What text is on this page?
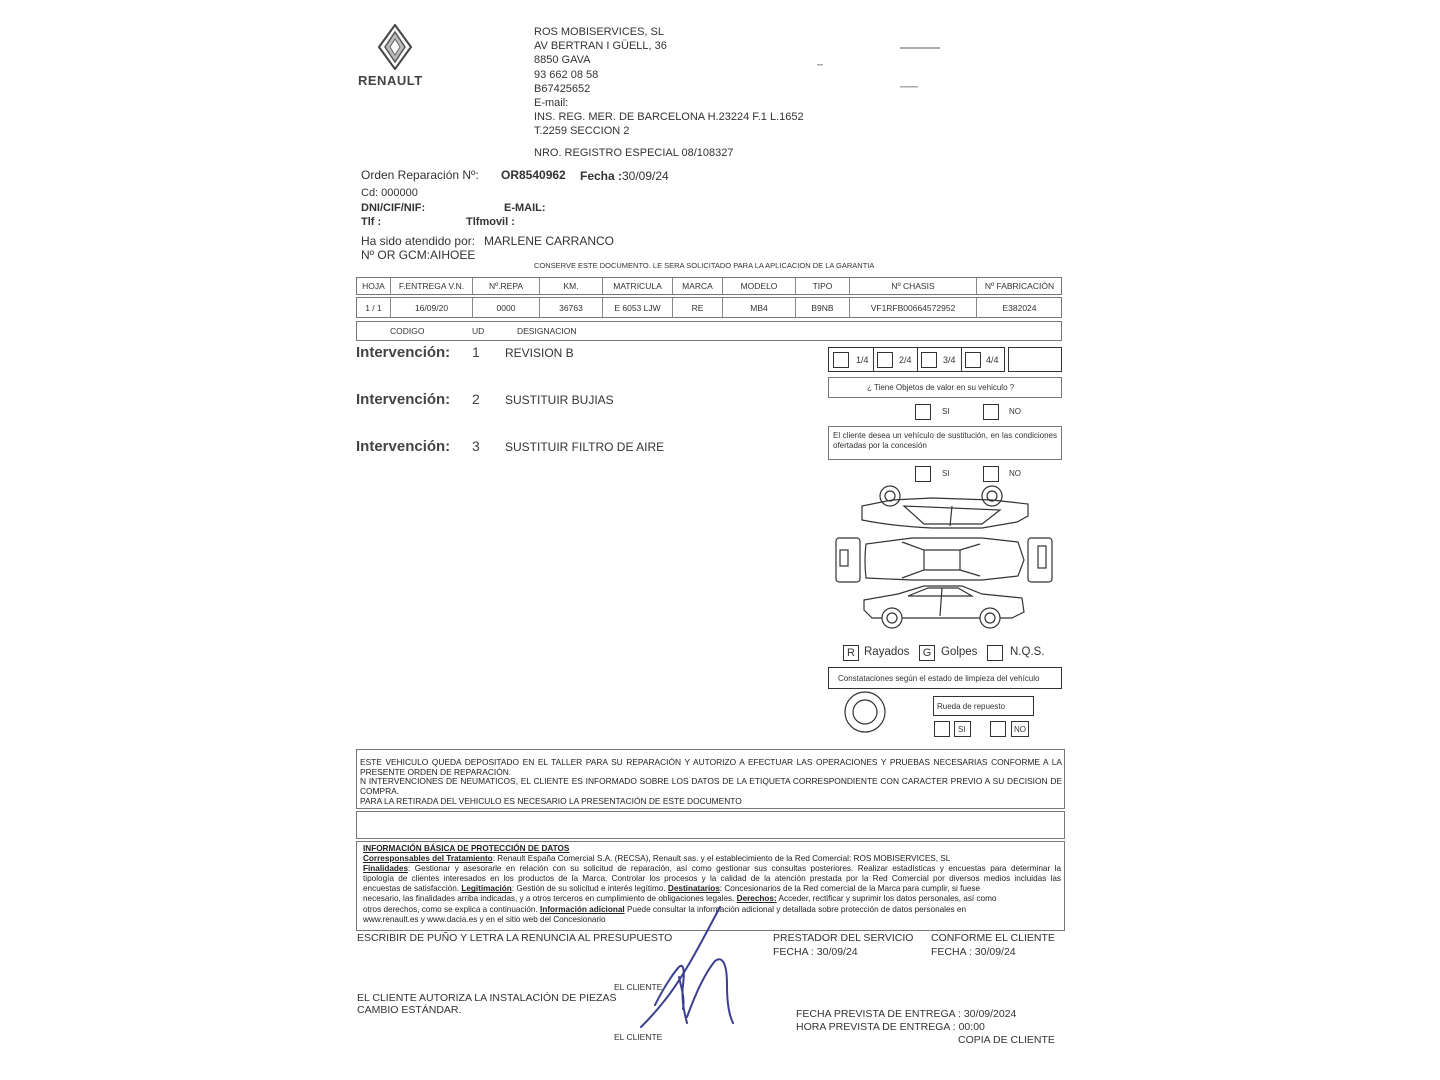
RENAULT
ROS MOBISERVICES, SL
AV BERTRAN I GÜELL, 36
8850 GAVA
93 662 08 58
B67425652
E-mail:
INS. REG. MER. DE BARCELONA H.23224 F.1 L.1652
T.2259 SECCION 2
NRO. REGISTRO ESPECIAL 08/108327
Orden Reparación Nº: OR8540962 Fecha : 30/09/24
Cd: 000000
DNI/CIF/NIF:	E-MAIL:
Tlf :	Tlfmovil :
Ha sido atendido por: MARLENE CARRANCO
Nº OR GCM: AIHOEE
CONSERVE ESTE DOCUMENTO. LE SERA SOLICITADO PARA LA APLICACION DE LA GARANTIA
HOJA	F.ENTREGA V.N.	Nº.REPA	KM.	MATRICULA	MARCA	MODELO	TIPO	Nº CHASIS	Nº FABRICACIÓN
1 / 1	16/09/20	0000	36763	E 6053 LJW	RE	MB4	B9NB	VF1RFB00664572952	E382024
CODIGO	UD	DESIGNACION
Intervención: 1 REVISION B
Intervención: 2 SUSTITUIR BUJIAS
Intervención: 3 SUSTITUIR FILTRO DE AIRE
1/4	2/4	3/4	4/4
¿ Tiene Objetos de valor en su vehiculo ?
SI	NO
El cliente desea un vehículo de sustitución, en las condiciones ofertadas por la concesión
SI	NO
R Rayados	G Golpes	N.Q.S.
Constataciones según el estado de limpieza del vehículo
Rueda de repuesto
SI	NO
ESTE VEHICULO QUEDA DEPOSITADO EN EL TALLER PARA SU REPARACIÓN Y AUTORIZO A EFECTUAR LAS OPERACIONES Y PRUEBAS NECESARIAS CONFORME A LA
PRESENTE ORDEN DE REPARACIÓN.
N INTERVENCIONES DE NEUMATICOS, EL CLIENTE ES INFORMADO SOBRE LOS DATOS DE LA ETIQUETA CORRESPONDIENTE CON CARACTER PREVIO A SU DECISION DE
COMPRA.
PARA LA RETIRADA DEL VEHICULO ES NECESARIO LA PRESENTACIÓN DE ESTE DOCUMENTO
INFORMACIÓN BÁSICA DE PROTECCIÓN DE DATOS
Corresponsables del Tratamiento: Renault España Comercial S.A. (RECSA), Renault sas. y el establecimiento de la Red Comercial: ROS MOBISERVICES, SL
Finalidades: Gestionar y asesorarle en relación con su solicitud de reparación, así como gestionar sus consultas posteriores. Realizar estadísticas y encuestas para determinar la
tipología de clientes interesados en los productos de la Marca. Controlar los procesos y la calidad de la atención prestada por la Red Comercial por diversos medios incluidas las
encuestas de satisfacción. Legitimación: Gestión de su solicitud e interés legítimo. Destinatarios: Concesionarios de la Red comercial de la Marca para cumplir, si fuese
necesario, las finalidades arriba indicadas, y a otros terceros en cumplimiento de obligaciones legales. Derechos: Acceder, rectificar y suprimir los datos personales, así como
otros derechos, como se explica a continuación. Información adicional Puede consultar la información adicional y detallada sobre protección de datos personales en
www.renault.es y www.dacia.es y en el sitio web del Concesionario
ESCRIBIR DE PUÑO Y LETRA LA RENUNCIA AL PRESUPUESTO	PRESTADOR DEL SERVICIO
FECHA : 30/09/24
CONFORME EL CLIENTE
FECHA : 30/09/24
EL CLIENTE
EL CLIENTE AUTORIZA LA INSTALACIÓN DE PIEZAS
CAMBIO ESTÁNDAR.	FECHA PREVISTA DE ENTREGA : 30/09/2024
HORA PREVISTA DE ENTREGA : 00:00
EL CLIENTE	COPIA DE CLIENTE
